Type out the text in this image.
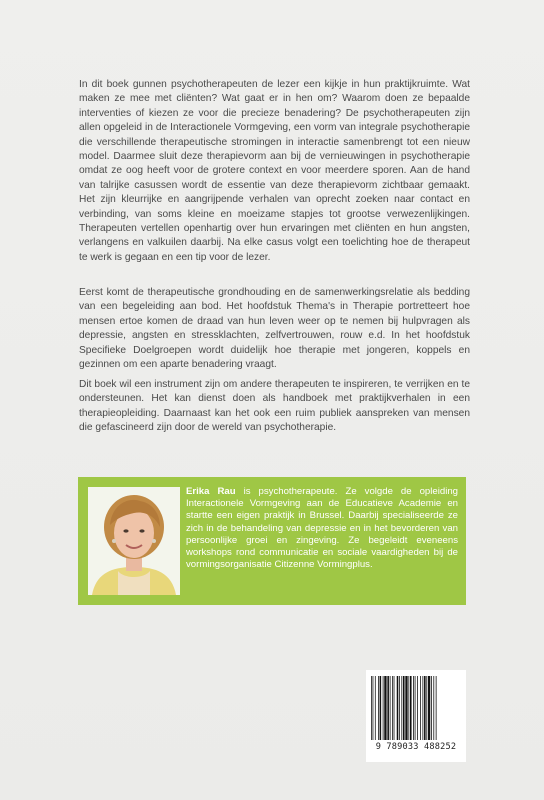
In dit boek gunnen psychotherapeuten de lezer een kijkje in hun praktijkruimte. Wat maken ze mee met cliënten? Wat gaat er in hen om? Waarom doen ze bepaalde interventies of kiezen ze voor die precieze benadering? De psychotherapeuten zijn allen opgeleid in de Interactionele Vormgeving, een vorm van integrale psychotherapie die verschillende therapeutische stromingen in interactie samenbrengt tot een nieuw model. Daarmee sluit deze therapievorm aan bij de vernieuwingen in psychotherapie omdat ze oog heeft voor de grotere context en voor meerdere sporen. Aan de hand van talrijke casussen wordt de essentie van deze therapievorm zichtbaar gemaakt. Het zijn kleurrijke en aangrijpende verhalen van oprecht zoeken naar contact en verbinding, van soms kleine en moeizame stapjes tot grootse verwezenlijkingen. Therapeuten vertellen openhartig over hun ervaringen met cliënten en hun angsten, verlangens en valkuilen daarbij. Na elke casus volgt een toelichting hoe de therapeut te werk is gegaan en een tip voor de lezer.

Eerst komt de therapeutische grondhouding en de samenwerkingsrelatie als bedding van een begeleiding aan bod. Het hoofdstuk Thema's in Therapie portretteert hoe mensen ertoe komen de draad van hun leven weer op te nemen bij hulpvragen als depressie, angsten en stressklachten, zelfvertrouwen, rouw e.d. In het hoofdstuk Specifieke Doelgroepen wordt duidelijk hoe therapie met jongeren, koppels en gezinnen om een aparte benadering vraagt.

Dit boek wil een instrument zijn om andere therapeuten te inspireren, te verrijken en te ondersteunen. Het kan dienst doen als handboek met praktijkverhalen in een therapieopleiding. Daarnaast kan het ook een ruim publiek aanspreken van mensen die gefascineerd zijn door de wereld van psychotherapie.

Erika Rau is psychotherapeute. Ze volgde de opleiding Interactionele Vormgeving aan de Educatieve Academie en startte een eigen praktijk in Brussel. Daarbij specialiseerde ze zich in de behandeling van depressie en in het bevorderen van persoonlijke groei en zingeving. Ze begeleidt eveneens workshops rond communicatie en sociale vaardigheden bij de vormingsorganisatie Citizenne Vormingplus.

9 789033 488252
